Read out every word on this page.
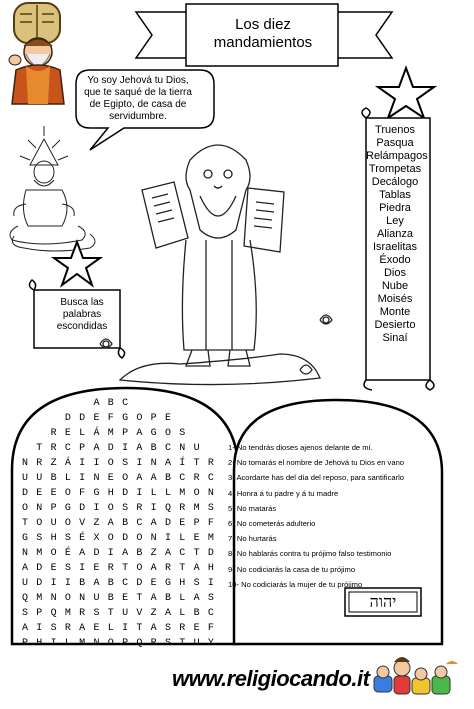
Los diez
mandamientos
Yo soy Jehová tu Dios,
que te saqué de la tierra
de Egipto, de casa de
servidumbre.
Truenos
Pasqua
Relámpagos
Trompetas
Decálogo
Tablas
Piedra
Ley
Alianza
Israelitas
Éxodo
Dios
Nube
Moisés
Monte
Desierto
Sinaí
Busca las
palabras
escondidas
A B C
D D E F G O P E
R E L Á M P A G O S
T R C P A D I A B C N U
N R Z Á I I O S I N A Í T R
U U B L I N E O A A B C R C
D E E O F G H D I L L M O N
O N P G D I O S R I Q R M S
T O U O V Z A B C A D E P F
G S H S É X O D O N I L E M
N M O É A D I A B Z A C T D
A D E S I E R T O A R T A H
U D I I B A B C D E G H S I
Q M N O N U B E T A B L A S
S P Q M R S T U V Z A L B C
A I S R A E L I T A S R E F
P H I L M N O P Q R S T U Y
1- No tendrás dioses ajenos delante de mí.
2- No tomarás el nombre de Jehová tu Dios en vano
3- Acordarte has del día del reposo, para santificarlo
4- Honra á tu padre y á tu madre
5- No matarás
6- No cometerás adulterio
7- No hurtarás
8- No hablarás contra tu prójimo falso testimonio
9- No codiciarás la casa de tu prójimo
10- No codiciarás la mujer de tu prójimo
יהוה
www.religiocando.it
